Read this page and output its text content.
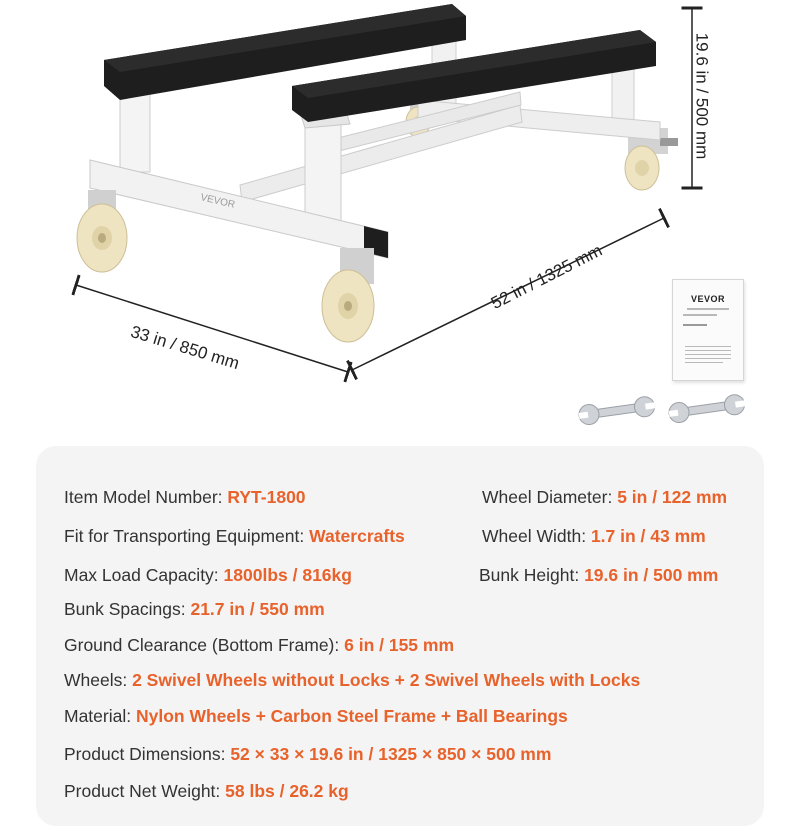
VEVOR
19.6 in / 500 mm
52 in / 1325 mm
33 in / 850 mm
VEVOR
Item Model Number: RYT-1800
Fit for Transporting Equipment: Watercrafts
Max Load Capacity: 1800lbs / 816kg
Bunk Spacings: 21.7 in / 550 mm
Ground Clearance (Bottom Frame): 6 in / 155 mm
Wheels: 2 Swivel Wheels without Locks + 2 Swivel Wheels with Locks
Material: Nylon Wheels + Carbon Steel Frame + Ball Bearings
Product Dimensions: 52 × 33 × 19.6 in / 1325 × 850 × 500 mm
Product Net Weight: 58 lbs / 26.2 kg
Wheel Diameter: 5 in / 122 mm
Wheel Width: 1.7 in / 43 mm
Bunk Height: 19.6 in / 500 mm
